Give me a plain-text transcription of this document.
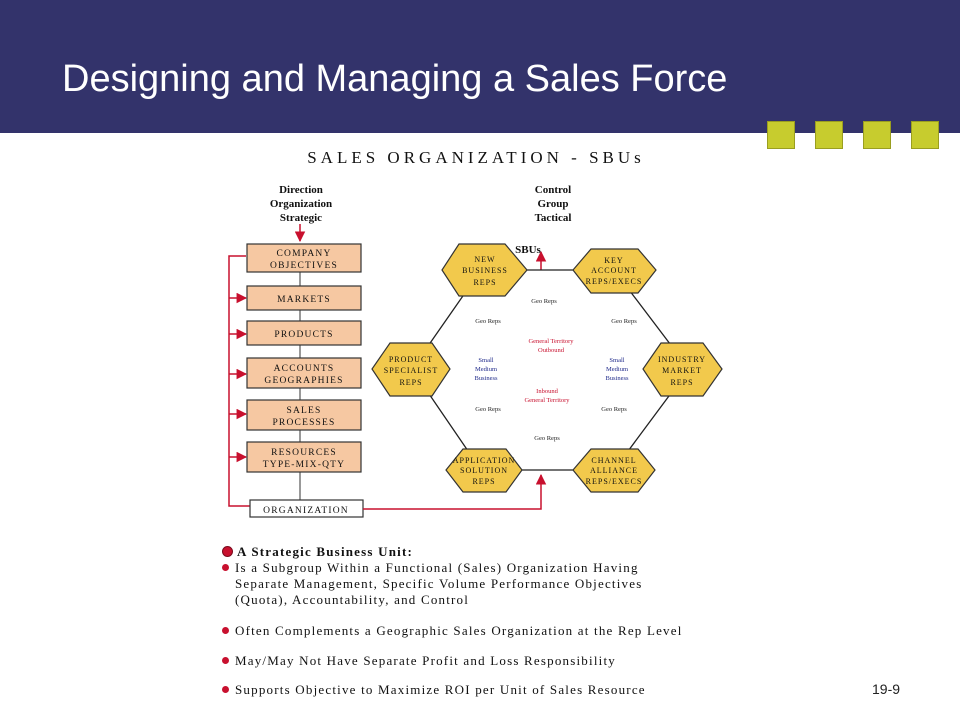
Designing and Managing a Sales Force
SALES ORGANIZATION - SBUs
Direction
Organization
Strategic
Control
Group
Tactical
COMPANY
OBJECTIVES
MARKETS
PRODUCTS
ACCOUNTS
GEOGRAPHIES
SALES
PROCESSES
RESOURCES
TYPE-MIX-QTY
ORGANIZATION
SBUs
NEW
BUSINESS
REPS
KEY
ACCOUNT
REPS/EXECS
PRODUCT
SPECIALIST
REPS
INDUSTRY
MARKET
REPS
APPLICATION
SOLUTION
REPS
CHANNEL
ALLIANCE
REPS/EXECS
Geo Reps
Geo Reps	Geo Reps
Geo Reps	Geo Reps
Geo Reps
General Territory
Outbound
Inbound
General Territory
Small
Medium
Business
Small
Medium
Business
A Strategic Business Unit:
Is a Subgroup Within a Functional (Sales) Organization Having
Separate Management, Specific Volume Performance Objectives
(Quota), Accountability, and Control
Often Complements a Geographic Sales Organization at the Rep Level
May/May Not Have Separate Profit and Loss Responsibility
Supports Objective to Maximize ROI per Unit of Sales Resource	19-9
